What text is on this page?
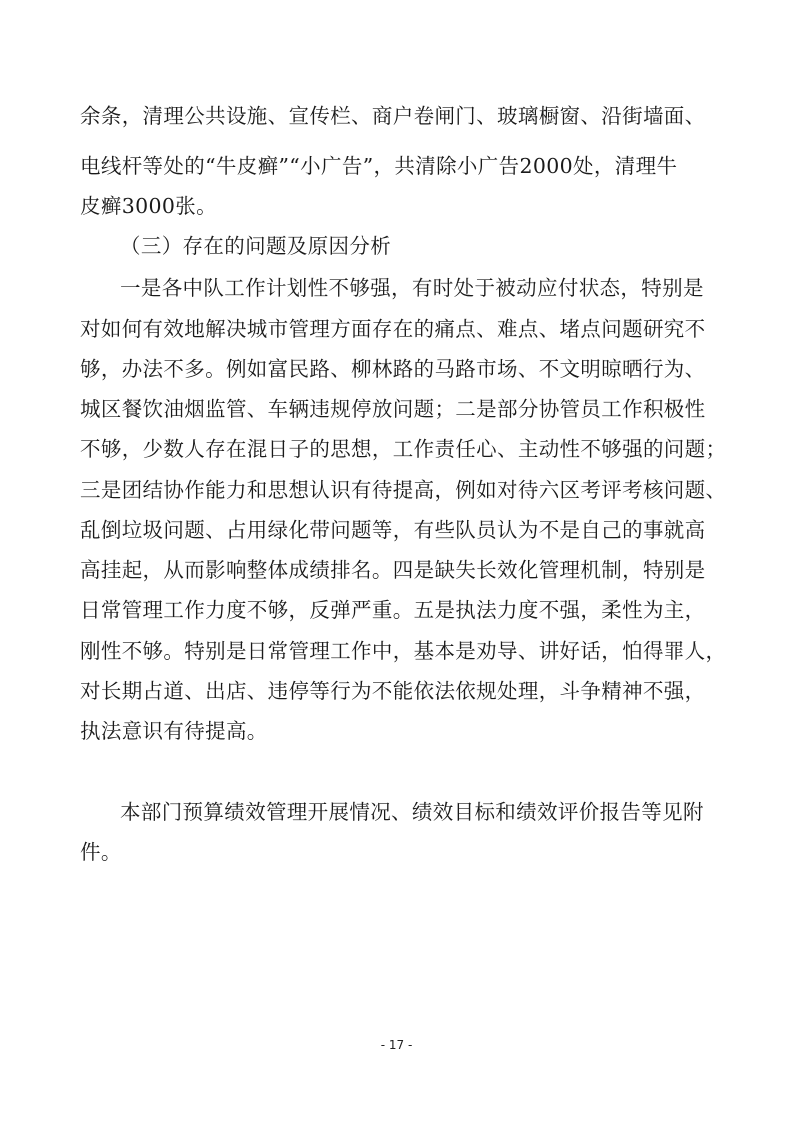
余条，清理公共设施、宣传栏、商户卷闸门、玻璃橱窗、沿街墙面、
电线杆等处的“牛皮癣”“小广告”，共清除小广告2000处，清理牛
皮癣3000张。
（三）存在的问题及原因分析
一是各中队工作计划性不够强，有时处于被动应付状态，特别是
对如何有效地解决城市管理方面存在的痛点、难点、堵点问题研究不
够，办法不多。例如富民路、柳林路的马路市场、不文明晾晒行为、
城区餐饮油烟监管、车辆违规停放问题；二是部分协管员工作积极性
不够，少数人存在混日子的思想，工作责任心、主动性不够强的问题；
三是团结协作能力和思想认识有待提高，例如对待六区考评考核问题、
乱倒垃圾问题、占用绿化带问题等，有些队员认为不是自己的事就高
高挂起，从而影响整体成绩排名。四是缺失长效化管理机制，特别是
日常管理工作力度不够，反弹严重。五是执法力度不强，柔性为主，
刚性不够。特别是日常管理工作中，基本是劝导、讲好话，怕得罪人，
对长期占道、出店、违停等行为不能依法依规处理，斗争精神不强，
执法意识有待提高。
本部门预算绩效管理开展情况、绩效目标和绩效评价报告等见附
件。
- 17 -
